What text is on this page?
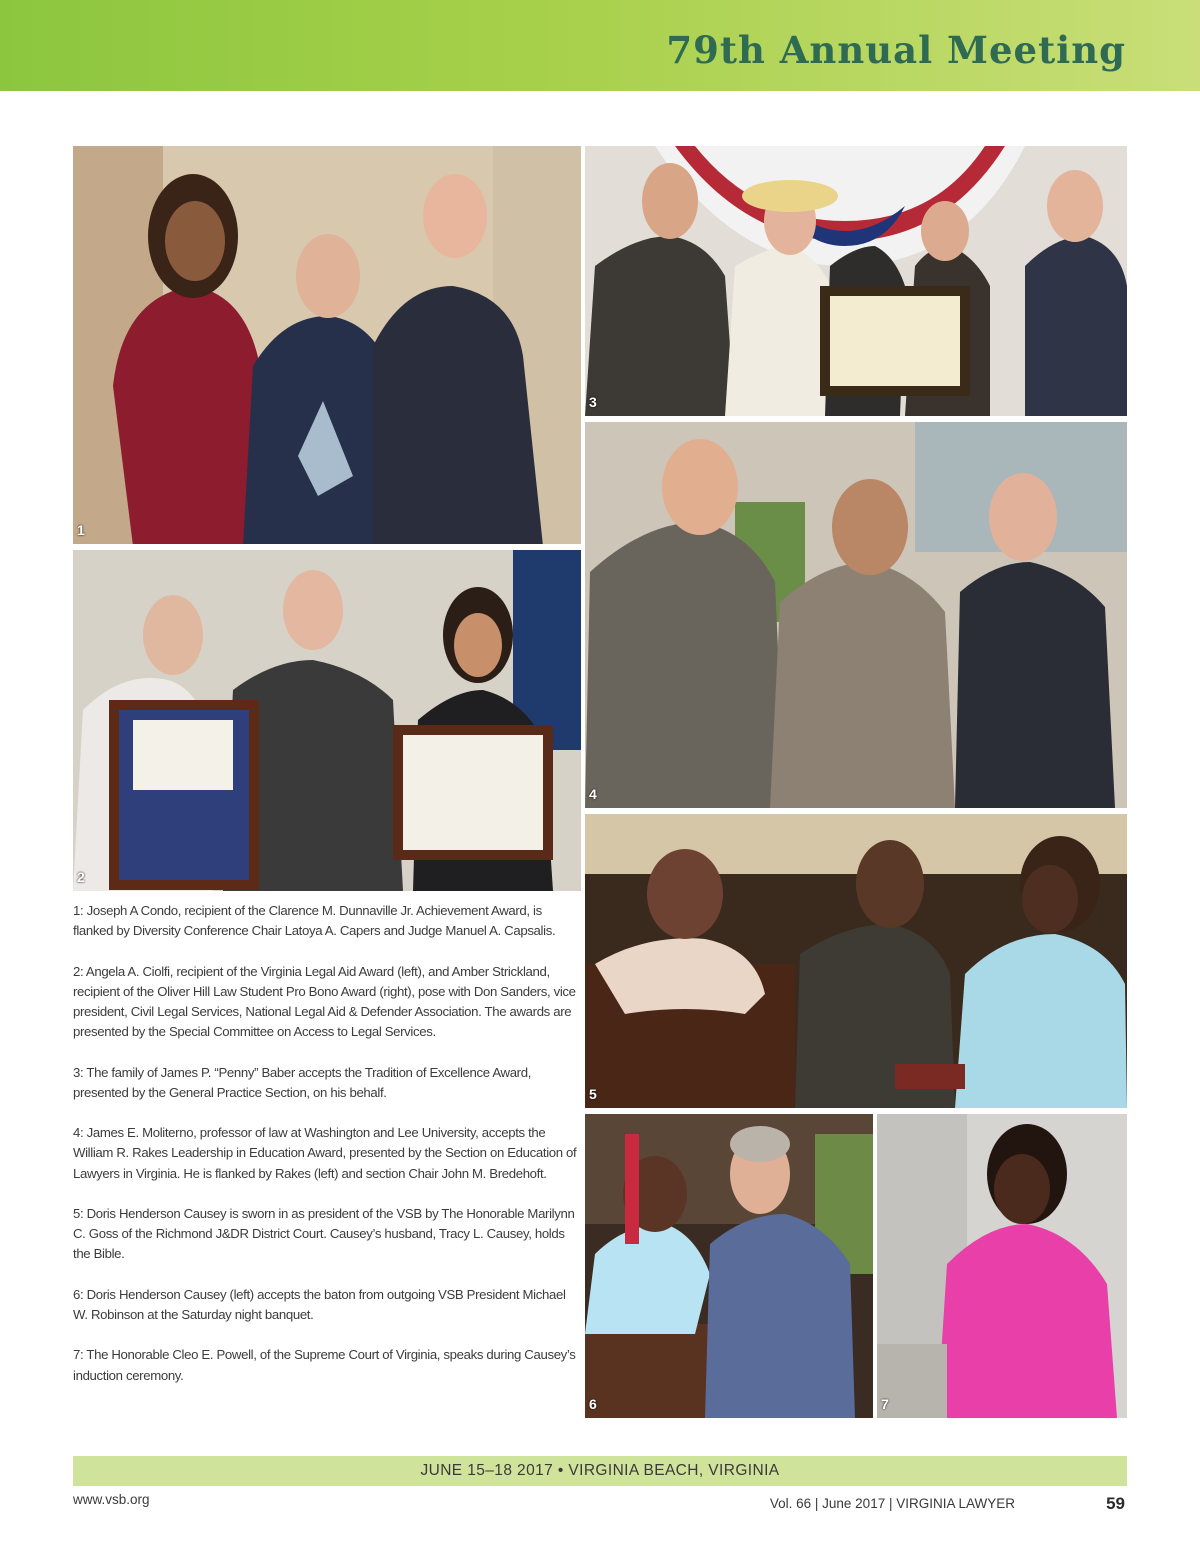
79th Annual Meeting
1
2
3
4
5
6	7

1: Joseph A Condo, recipient of the Clarence M. Dunnaville Jr. Achievement Award, is flanked by Diversity Conference Chair Latoya A. Capers and Judge Manuel A. Capsalis.

2: Angela A. Ciolfi, recipient of the Virginia Legal Aid Award (left), and Amber Strickland, recipient of the Oliver Hill Law Student Pro Bono Award (right), pose with Don Sanders, vice president, Civil Legal Services, National Legal Aid & Defender Association. The awards are presented by the Special Committee on Access to Legal Services.

3: The family of James P. “Penny” Baber accepts the Tradition of Excellence Award, presented by the General Practice Section, on his behalf.

4: James E. Moliterno, professor of law at Washington and Lee University, accepts the William R. Rakes Leadership in Education Award, presented by the Section on Education of Lawyers in Virginia. He is flanked by Rakes (left) and section Chair John M. Bredehoft.

5: Doris Henderson Causey is sworn in as president of the VSB by The Honorable Marilynn C. Goss of the Richmond J&DR District Court. Causey’s husband, Tracy L. Causey, holds the Bible.

6: Doris Henderson Causey (left) accepts the baton from outgoing VSB President Michael W. Robinson at the Saturday night banquet.

7: The Honorable Cleo E. Powell, of the Supreme Court of Virginia, speaks during Causey’s induction ceremony.

JUNE 15–18 2017 • VIRGINIA BEACH, VIRGINIA
www.vsb.org	Vol. 66 | June 2017 | VIRGINIA LAWYER	59
